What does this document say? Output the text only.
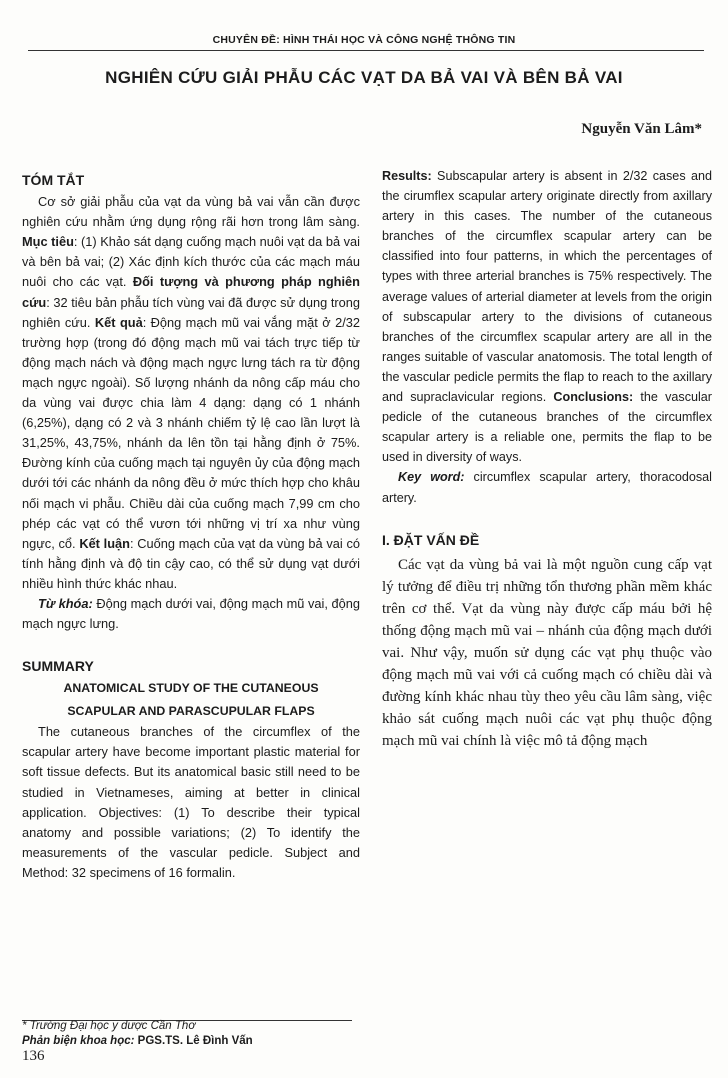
CHUYÊN ĐỀ: HÌNH THÁI HỌC VÀ CÔNG NGHỆ THÔNG TIN
NGHIÊN CỨU GIẢI PHẪU CÁC VẠT DA BẢ VAI VÀ BÊN BẢ VAI
Nguyễn Văn Lâm*
TÓM TẮT

Cơ sở giải phẫu của vạt da vùng bả vai vẫn cần được nghiên cứu nhằm ứng dụng rộng rãi hơn trong lâm sàng. Mục tiêu: (1) Khảo sát dạng cuống mạch nuôi vạt da bả vai và bên bả vai; (2) Xác định kích thước của các mạch máu nuôi cho các vạt. Đối tượng và phương pháp nghiên cứu: 32 tiêu bản phẫu tích vùng vai đã được sử dụng trong nghiên cứu. Kết quả: Động mạch mũ vai vắng mặt ở 2/32 trường hợp (trong đó động mạch mũ vai tách trực tiếp từ động mạch nách và động mạch ngực lưng tách ra từ động mạch ngực ngoài). Số lượng nhánh da nông cấp máu cho da vùng vai được chia làm 4 dạng: dạng có 1 nhánh (6,25%), dạng có 2 và 3 nhánh chiếm tỷ lệ cao lần lượt là 31,25%, 43,75%, nhánh da lên tồn tại hằng định ở 75%. Đường kính của cuống mạch tại nguyên ủy của động mạch dưới tới các nhánh da nông đều ở mức thích hợp cho khâu nối mạch vi phẫu. Chiều dài của cuống mạch 7,99 cm cho phép các vạt có thể vươn tới những vị trí xa như vùng ngực, cổ. Kết luận: Cuống mạch của vạt da vùng bả vai có tính hằng định và độ tin cậy cao, có thể sử dụng vạt dưới nhiều hình thức khác nhau.

Từ khóa: Động mạch dưới vai, động mạch mũ vai, động mạch ngực lưng.

SUMMARY
ANATOMICAL STUDY OF THE CUTANEOUS
SCAPULAR AND PARASCUPULAR FLAPS

The cutaneous branches of the circumflex of the scapular artery have become important plastic material for soft tissue defects. But its anatomical basic still need to be studied in Vietnameses, aiming at better in clinical application. Objectives: (1) To describe their typical anatomy and possible variations; (2) To identify the measurements of the vascular pedicle. Subject and Method: 32 specimens of 16 formalin.

Results: Subscapular artery is absent in 2/32 cases and the cirumflex scapular artery originate directly from axillary artery in this cases. The number of the cutaneous branches of the circumflex scapular artery can be classified into four patterns, in which the percentages of types with three arterial branches is 75% respectively. The average values of arterial diameter at levels from the origin of subscapular artery to the divisions of cutaneous branches of the circumflex scapular artery are all in the ranges suitable of vascular anatomosis. The total length of the vascular pedicle permits the flap to reach to the axillary and supraclavicular regions. Conclusions: the vascular pedicle of the cutaneous branches of the circumflex scapular artery is a reliable one, permits the flap to be used in diversity of ways.

Key word: circumflex scapular artery, thoracodosal artery.

I. ĐẶT VẤN ĐỀ

Các vạt da vùng bả vai là một nguồn cung cấp vạt lý tưởng để điều trị những tổn thương phần mềm khác trên cơ thể. Vạt da vùng này được cấp máu bởi hệ thống động mạch mũ vai – nhánh của động mạch dưới vai. Như vậy, muốn sử dụng các vạt phụ thuộc vào động mạch mũ vai với cả cuống mạch có chiều dài và đường kính khác nhau tùy theo yêu cầu lâm sàng, việc khảo sát cuống mạch nuôi các vạt phụ thuộc động mạch mũ vai chính là việc mô tả động mạch

* Trường Đại học y dược Cần Thơ
Phản biện khoa học: PGS.TS. Lê Đình Vấn
136
